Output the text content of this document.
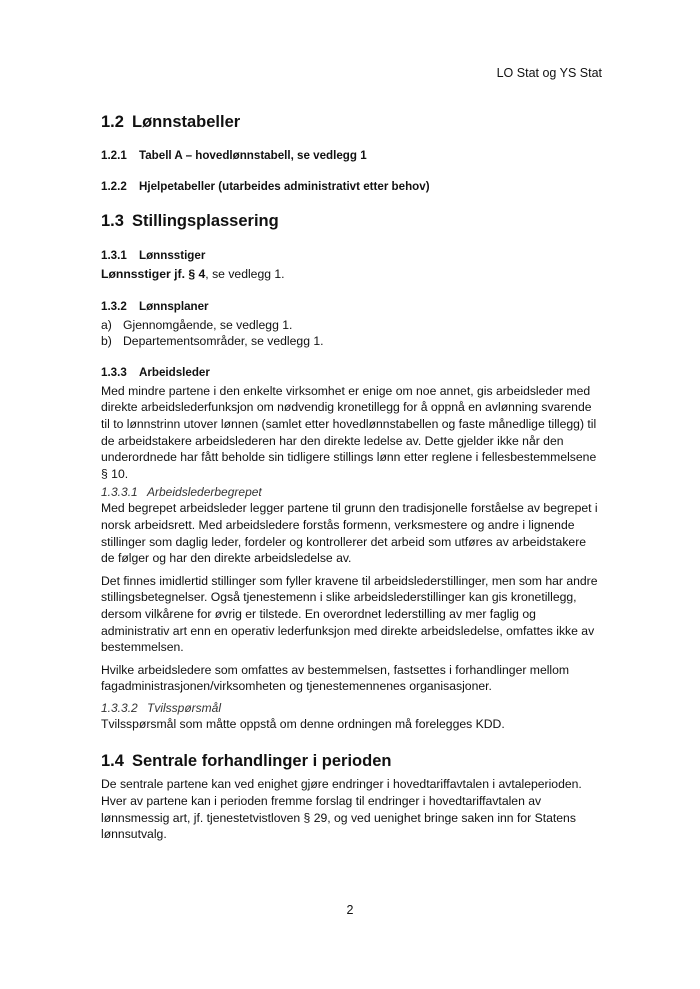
LO Stat og YS Stat
1.2 Lønnstabeller
1.2.1 Tabell A – hovedlønnstabell, se vedlegg 1
1.2.2 Hjelpetabeller (utarbeides administrativt etter behov)
1.3 Stillingsplassering
1.3.1 Lønnsstiger

Lønnsstiger jf. § 4, se vedlegg 1.

1.3.2 Lønnsplaner
a) Gjennomgående, se vedlegg 1.
b) Departementsområder, se vedlegg 1.
1.3.3 Arbeidsleder

Med mindre partene i den enkelte virksomhet er enige om noe annet, gis arbeidsleder med
direkte arbeidslederfunksjon om nødvendig kronetillegg for å oppnå en avlønning svarende
til to lønnstrinn utover lønnen (samlet etter hovedlønnstabellen og faste månedlige tillegg) til
de arbeidstakere arbeidslederen har den direkte ledelse av. Dette gjelder ikke når den
underordnede har fått beholde sin tidligere stillings lønn etter reglene i fellesbestemmelsene
§ 10.

1.3.3.1 Arbeidslederbegrepet

Med begrepet arbeidsleder legger partene til grunn den tradisjonelle forståelse av begrepet i
norsk arbeidsrett. Med arbeidsledere forstås formenn, verksmestere og andre i lignende
stillinger som daglig leder, fordeler og kontrollerer det arbeid som utføres av arbeidstakere
de følger og har den direkte arbeidsledelse av.

Det finnes imidlertid stillinger som fyller kravene til arbeidslederstillinger, men som har andre
stillingsbetegnelser. Også tjenestemenn i slike arbeidslederstillinger kan gis kronetillegg,
dersom vilkårene for øvrig er tilstede. En overordnet lederstilling av mer faglig og
administrativ art enn en operativ lederfunksjon med direkte arbeidsledelse, omfattes ikke av
bestemmelsen.

Hvilke arbeidsledere som omfattes av bestemmelsen, fastsettes i forhandlinger mellom
fagadministrasjonen/virksomheten og tjenestemennenes organisasjoner.

1.3.3.2 Tvilsspørsmål

Tvilsspørsmål som måtte oppstå om denne ordningen må forelegges KDD.

1.4 Sentrale forhandlinger i perioden

De sentrale partene kan ved enighet gjøre endringer i hovedtariffavtalen i avtaleperioden.
Hver av partene kan i perioden fremme forslag til endringer i hovedtariffavtalen av
lønnsmessig art, jf. tjenestetvistloven § 29, og ved uenighet bringe saken inn for Statens
lønnsutvalg.

2
